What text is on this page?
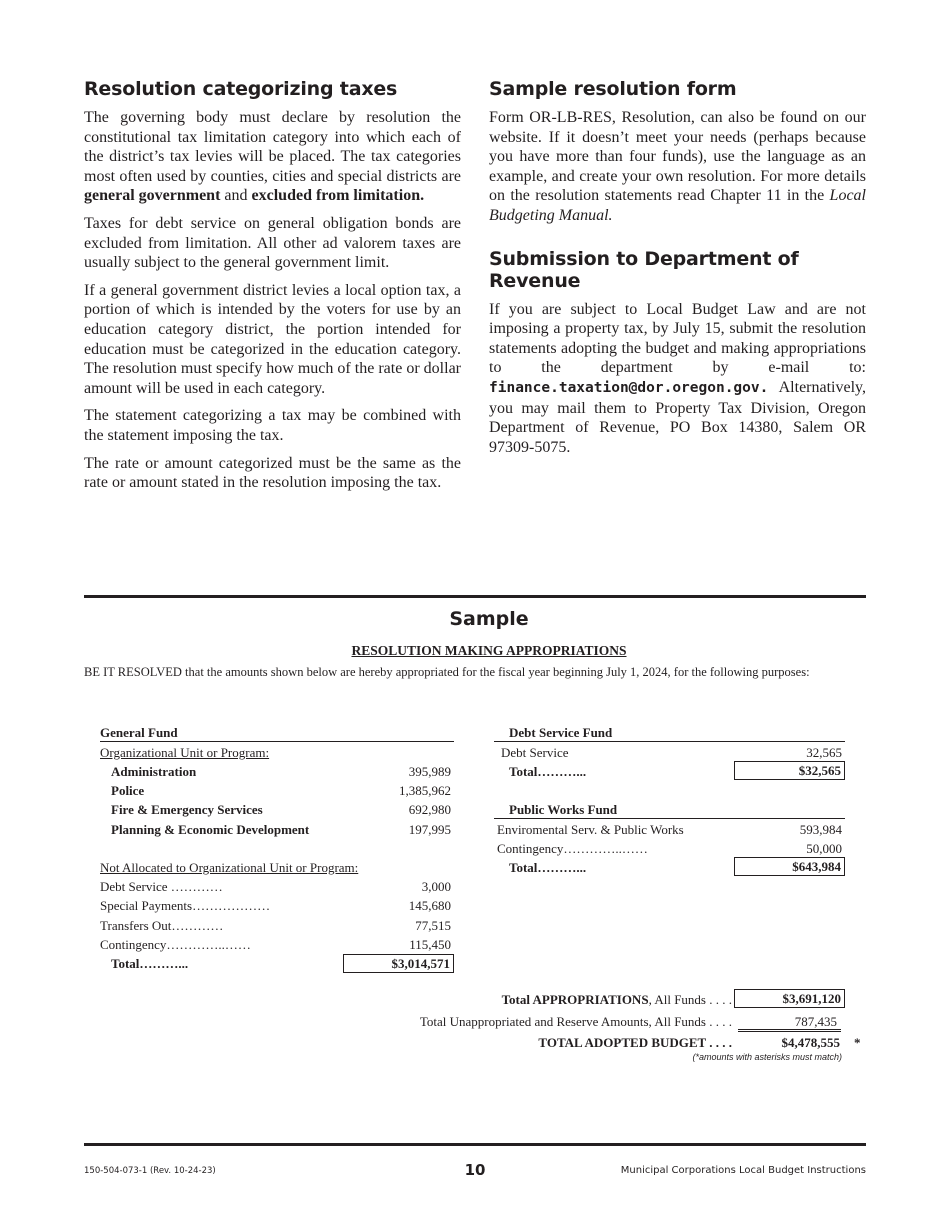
Resolution categorizing taxes

The governing body must declare by resolution the constitutional tax limitation category into which each of the district’s tax levies will be placed. The tax categories most often used by counties, cities and special districts are general government and excluded from limitation.

Taxes for debt service on general obligation bonds are excluded from limitation. All other ad valorem taxes are usually subject to the general government limit.

If a general government district levies a local option tax, a portion of which is intended by the voters for use by an education category district, the portion intended for education must be categorized in the education category. The resolution must specify how much of the rate or dollar amount will be used in each category.

The statement categorizing a tax may be combined with the statement imposing the tax.

The rate or amount categorized must be the same as the rate or amount stated in the resolution imposing the tax.

Sample resolution form

Form OR-LB-RES, Resolution, can also be found on our website. If it doesn’t meet your needs (perhaps because you have more than four funds), use the language as an example, and create your own resolution. For more details on the resolution statements read Chapter 11 in the Local Budgeting Manual.

Submission to Department of Revenue

If you are subject to Local Budget Law and are not imposing a property tax, by July 15, submit the resolution statements adopting the budget and making appropriations to the department by e-mail to: finance.taxation@dor.oregon.gov. Alternatively, you may mail them to Property Tax Division, Oregon Department of Revenue, PO Box 14380, Salem OR 97309-5075.

Sample
RESOLUTION MAKING APPROPRIATIONS
BE IT RESOLVED that the amounts shown below are hereby appropriated for the fiscal year beginning July 1, 2024, for the following purposes:
General Fund
Organizational Unit or Program:
Administration	395,989
Police	1,385,962
Fire & Emergency Services	692,980
Planning & Economic Development	197,995
Not Allocated to Organizational Unit or Program:
Debt Service …………	3,000
Special Payments………………	145,680
Transfers Out…………	77,515
Contingency…………..……	115,450
Total………...	$3,014,571
Debt Service Fund
Debt Service	32,565
Total………...	$32,565
Public Works Fund
Enviromental Serv. & Public Works	593,984
Contingency…………..……	50,000
Total………...	$643,984
Total APPROPRIATIONS, All Funds . . . .	$3,691,120
Total Unappropriated and Reserve Amounts, All Funds . . . .	787,435
TOTAL ADOPTED BUDGET . . . .	$4,478,555 *
(*amounts with asterisks must match)
150-504-073-1 (Rev. 10-24-23)	10	Municipal Corporations Local Budget Instructions
